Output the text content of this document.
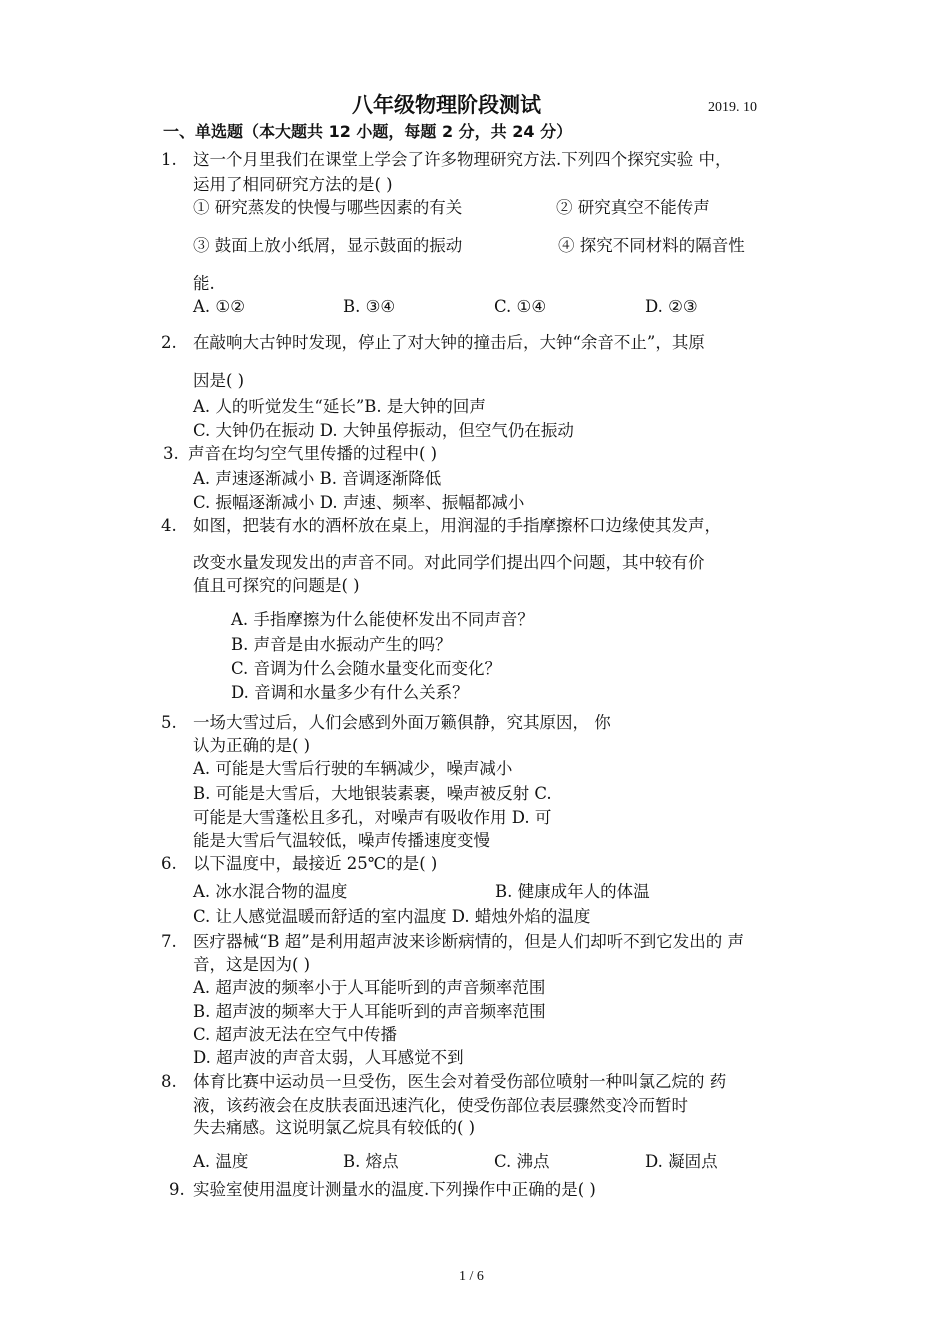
八年级物理阶段测试	2019. 10
一、单选题（本大题共 12 小题，每题 2 分，共 24 分）
1. 这一个月里我们在课堂上学会了许多物理研究方法.下列四个探究实验 中，
运用了相同研究方法的是( )
① 研究蒸发的快慢与哪些因素的有关	② 研究真空不能传声
③ 鼓面上放小纸屑，显示鼓面的振动	④ 探究不同材料的隔音性
能.
A. ①②	B. ③④	C. ①④	D. ②③
2. 在敲响大古钟时发现，停止了对大钟的撞击后，大钟“余音不止”，其原
因是( )
A. 人的听觉发生“延长”B. 是大钟的回声
C. 大钟仍在振动 D. 大钟虽停振动，但空气仍在振动
3. 声音在均匀空气里传播的过程中( )
A. 声速逐渐减小 B. 音调逐渐降低
C. 振幅逐渐减小 D. 声速、频率、振幅都减小
4. 如图，把装有水的酒杯放在桌上，用润湿的手指摩擦杯口边缘使其发声，
改变水量发现发出的声音不同。对此同学们提出四个问题，其中较有价
值且可探究的问题是( )
A. 手指摩擦为什么能使杯发出不同声音？
B. 声音是由水振动产生的吗？
C. 音调为什么会随水量变化而变化？
D. 音调和水量多少有什么关系？
5. 一场大雪过后，人们会感到外面万籁俱静，究其原因， 你
认为正确的是( )
A. 可能是大雪后行驶的车辆减少，噪声减小
B. 可能是大雪后，大地银装素裹，噪声被反射 C.
可能是大雪蓬松且多孔，对噪声有吸收作用 D. 可
能是大雪后气温较低，噪声传播速度变慢
6. 以下温度中，最接近 25℃的是( )
A. 冰水混合物的温度	B. 健康成年人的体温
C. 让人感觉温暖而舒适的室内温度 D. 蜡烛外焰的温度
7. 医疗器械“B 超”是利用超声波来诊断病情的，但是人们却听不到它发出的 声
音，这是因为( )
A. 超声波的频率小于人耳能听到的声音频率范围
B. 超声波的频率大于人耳能听到的声音频率范围
C. 超声波无法在空气中传播
D. 超声波的声音太弱，人耳感觉不到
8. 体育比赛中运动员一旦受伤，医生会对着受伤部位喷射一种叫氯乙烷的 药
液，该药液会在皮肤表面迅速汽化，使受伤部位表层骤然变冷而暂时
失去痛感。这说明氯乙烷具有较低的( )
A. 温度	B. 熔点	C. 沸点	D. 凝固点
9. 实验室使用温度计测量水的温度.下列操作中正确的是( )
1 / 6
